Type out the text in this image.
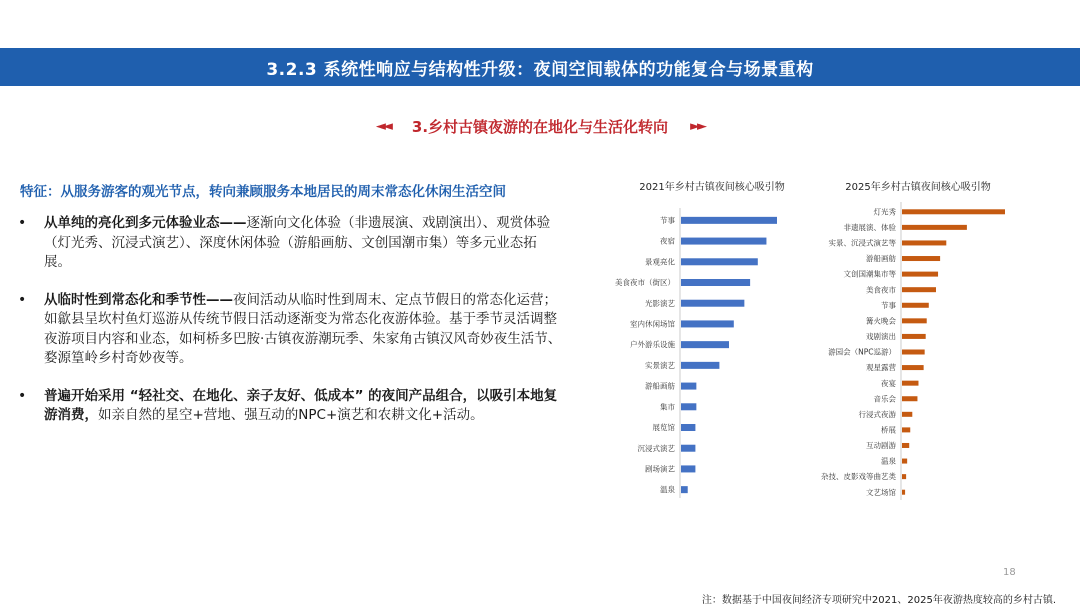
3.2.3 系统性响应与结构性升级：夜间空间载体的功能复合与场景重构
◄◄ 3.乡村古镇夜游的在地化与生活化转向 ►►
特征：从服务游客的观光节点，转向兼顾服务本地居民的周末常态化休闲生活空间
•	从单纯的亮化到多元体验业态——逐渐向文化体验（非遗展演、戏剧演出）、观赏体验（灯光秀、沉浸式演艺）、深度休闲体验（游船画舫、文创国潮市集）等多元业态拓展。

•	从临时性到常态化和季节性——夜间活动从临时性到周末、定点节假日的常态化运营；如歙县呈坎村鱼灯巡游从传统节假日活动逐渐变为常态化夜游体验。基于季节灵活调整夜游项目内容和业态，如柯桥多巴胺·古镇夜游潮玩季、朱家角古镇汉风奇妙夜生活节、婺源篁岭乡村奇妙夜等。

•	普遍开始采用 “轻社交、在地化、亲子友好、低成本” 的夜间产品组合，以吸引本地复游消费，如亲自然的星空+营地、强互动的NPC+演艺和农耕文化+活动。

2021年乡村古镇夜间核心吸引物
节事
夜宿
景观亮化
美食夜市（街区）
光影演艺
室内休闲场馆
户外游乐设施
实景演艺
游船画舫
集市
展览馆
沉浸式演艺
剧场演艺
温泉
2025年乡村古镇夜间核心吸引物
灯光秀
非遗展演、体验
实景、沉浸式演艺等
游船画舫
文创国潮集市等
美食夜市
节事
篝火晚会
戏剧演出
游园会（NPC巡游）
观星露营
夜宴
音乐会
行浸式夜游
桥展
互动剧游
温泉
杂技、皮影戏等曲艺类
文艺场馆
18
注：数据基于中国夜间经济专项研究中2021、2025年夜游热度较高的乡村古镇.
